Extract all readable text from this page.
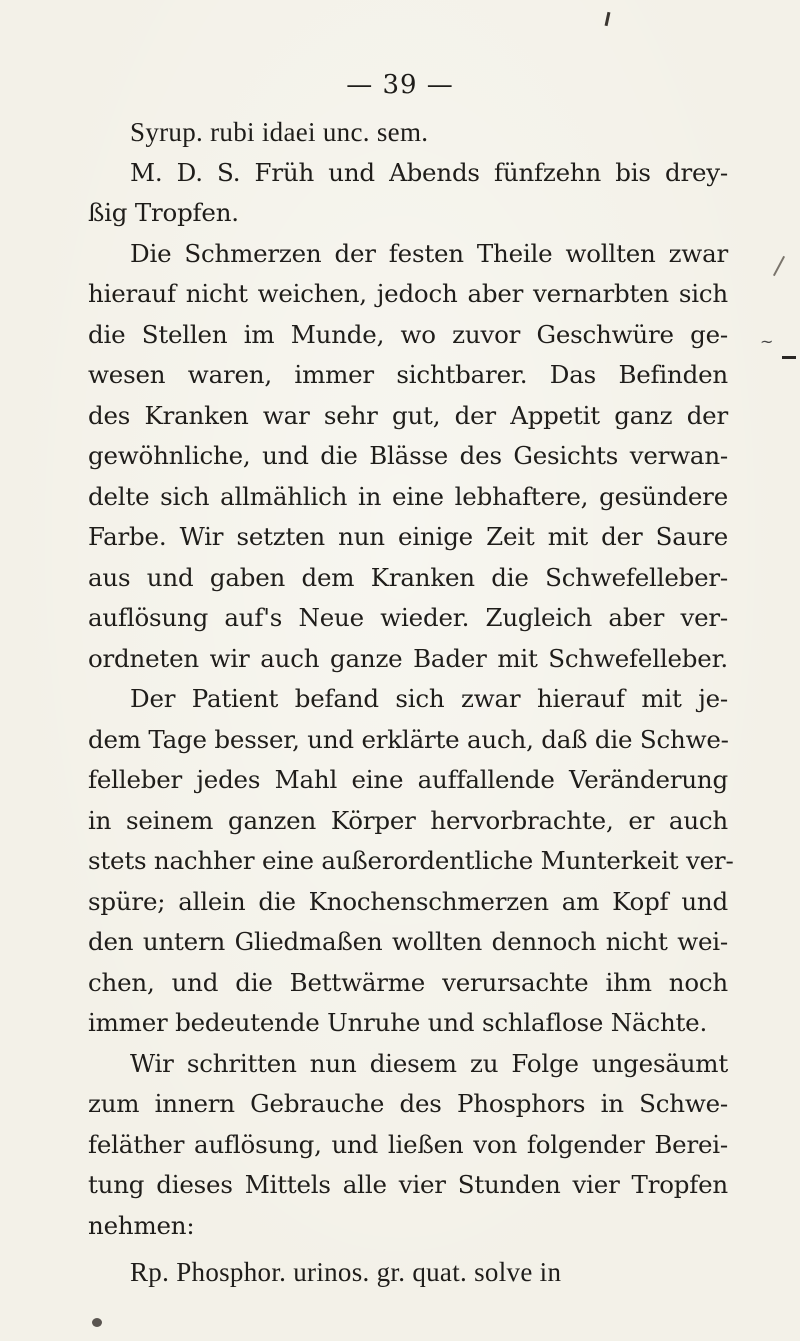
~
— 39 —
Syrup. rubi idaei unc. sem.
M. D. S. Früh und Abends fünfzehn bis drey-
ßig Tropfen.
Die Schmerzen der festen Theile wollten zwar
hierauf nicht weichen, jedoch aber vernarbten sich
die Stellen im Munde, wo zuvor Geschwüre ge-
wesen waren, immer sichtbarer. Das Befinden
des Kranken war sehr gut, der Appetit ganz der
gewöhnliche, und die Blässe des Gesichts verwan-
delte sich allmählich in eine lebhaftere, gesündere
Farbe. Wir setzten nun einige Zeit mit der Saure
aus und gaben dem Kranken die Schwefelleber-
auflösung auf's Neue wieder. Zugleich aber ver-
ordneten wir auch ganze Bader mit Schwefelleber.
Der Patient befand sich zwar hierauf mit je-
dem Tage besser, und erklärte auch, daß die Schwe-
felleber jedes Mahl eine auffallende Veränderung
in seinem ganzen Körper hervorbrachte, er auch
stets nachher eine außerordentliche Munterkeit ver-
spüre; allein die Knochenschmerzen am Kopf und
den untern Gliedmaßen wollten dennoch nicht wei-
chen, und die Bettwärme verursachte ihm noch
immer bedeutende Unruhe und schlaflose Nächte.
Wir schritten nun diesem zu Folge ungesäumt
zum innern Gebrauche des Phosphors in Schwe-
feläther auflösung, und ließen von folgender Berei-
tung dieses Mittels alle vier Stunden vier Tropfen
nehmen:
Rp. Phosphor. urinos. gr. quat. solve in
